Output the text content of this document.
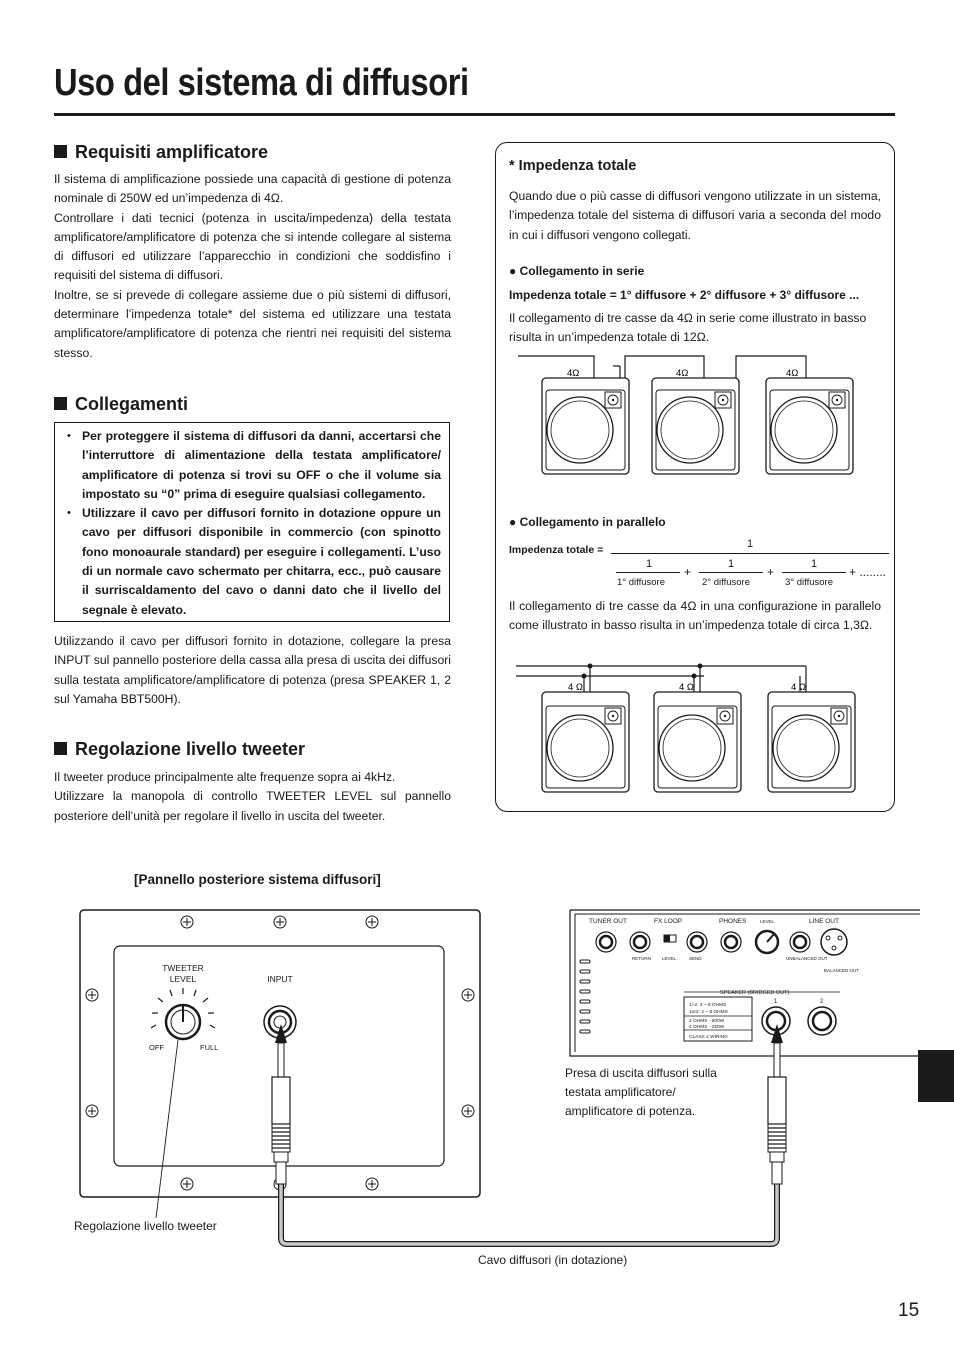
Uso del sistema di diffusori
Requisiti amplificatore
Il sistema di amplificazione possiede una capacità di gestione di potenza nominale di 250W ed un’impedenza di 4Ω.
Controllare i dati tecnici (potenza in uscita/impedenza) della testata amplificatore/amplificatore di potenza che si intende collegare al sistema di diffusori ed utilizzare l’apparecchio in condizioni che soddisfino i requisiti del sistema di diffusori.
Inoltre, se si prevede di collegare assieme due o più sistemi di diffusori, determinare l’impedenza totale* del sistema ed utilizzare una testata amplificatore/amplificatore di potenza che rientri nei requisiti del sistema stesso.
Collegamenti
• Per proteggere il sistema di diffusori da danni, accertarsi che l’interruttore di alimentazione della testata amplificatore/ amplificatore di potenza si trovi su OFF o che il volume sia impostato su “0” prima di eseguire qualsiasi collegamento.
• Utilizzare il cavo per diffusori fornito in dotazione oppure un cavo per diffusori disponibile in commercio (con spinotto fono monoaurale standard) per eseguire i collegamenti. L’uso di un normale cavo schermato per chitarra, ecc., può causare il surriscaldamento del cavo o danni dato che il livello del segnale è elevato.
Utilizzando il cavo per diffusori fornito in dotazione, collegare la presa INPUT sul pannello posteriore della cassa alla presa di uscita dei diffusori sulla testata amplificatore/amplificatore di potenza (presa SPEAKER 1, 2 sul Yamaha BBT500H).
Regolazione livello tweeter
Il tweeter produce principalmente alte frequenze sopra ai 4kHz.
Utilizzare la manopola di controllo TWEETER LEVEL sul pannello posteriore dell’unità per regolare il livello in uscita del tweeter.
* Impedenza totale
Quando due o più casse di diffusori vengono utilizzate in un sistema, l’impedenza totale del sistema di diffusori varia a seconda del modo in cui i diffusori vengono collegati.
● Collegamento in serie
Impedenza totale = 1° diffusore + 2° diffusore + 3° diffusore ...
Il collegamento di tre casse da 4Ω in serie come illustrato in basso risulta in un’impedenza totale di 12Ω.
4Ω	4Ω	4Ω
● Collegamento in parallelo
Impedenza totale =	1
1
1° diffusore
+
1
2° diffusore
+
1
3° diffusore
+ ........
Il collegamento di tre casse da 4Ω in una configurazione in parallelo come illustrato in basso risulta in un’impedenza totale di circa 1,3Ω.
4 Ω	4 Ω	4 Ω
[Pannello posteriore sistema diffusori]
TUNER OUT	FX LOOP	PHONES	LEVEL	LINE OUT
RETURN	LEVEL	SEND	UNBALANCED OUT
BALANCED OUT
SPEAKER (BRIDGED OUT)
1	2
1+2: 4 ~ 8 OHMS
1or2: 2 ~ 8 OHMS
2 OHMS - 500W
4 OHMS - 250W
CLASS 2 WIRING
TWEETER
LEVEL
OFF	FULL
INPUT
Presa di uscita diffusori sulla testata amplificatore/ amplificatore di potenza.
Regolazione livello tweeter
Cavo diffusori (in dotazione)
15
